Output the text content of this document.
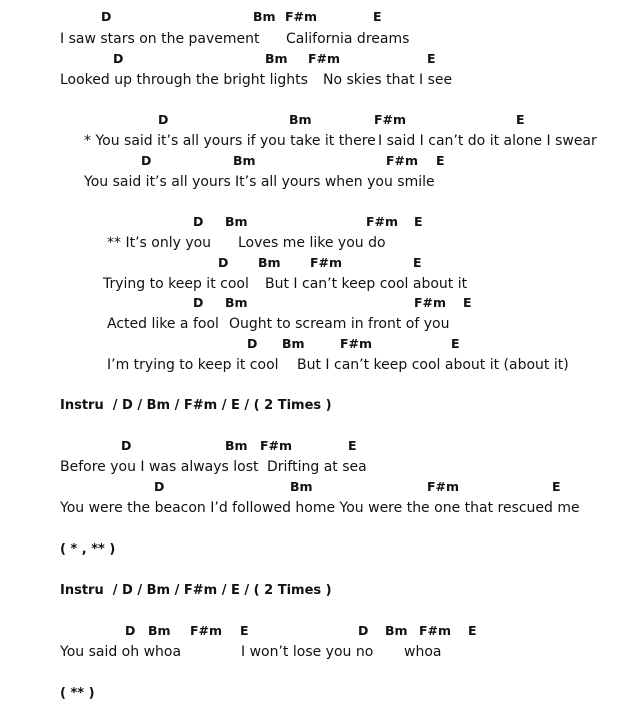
D	Bm F#m	E
I saw stars on the pavement California dreams
D	Bm F#m	E
Looked up through the bright lights No skies that I see
D	Bm	F#m	E
* You said it’s all yours if you take it there I said I can’t do it alone I swear
D	Bm	F#m E
You said it’s all yours It’s all yours when you smile
D Bm	F#m E
** It’s only you Loves me like you do
D Bm F#m	E
Trying to keep it cool But I can’t keep cool about it
D Bm	F#m E
Acted like a fool Ought to scream in front of you
D Bm	F#m	E
I’m trying to keep it cool But I can’t keep cool about it (about it)
Instru  / D / Bm / F#m / E / ( 2 Times )
D	Bm F#m	E
Before you I was always lost Drifting at sea
D	Bm	F#m	E
You were the beacon I’d followed home You were the one that rescued me
( * , ** )
Instru  / D / Bm / F#m / E / ( 2 Times )
D Bm F#m E	D Bm F#m E
You said oh whoa	I won’t lose you no whoa
( ** )
